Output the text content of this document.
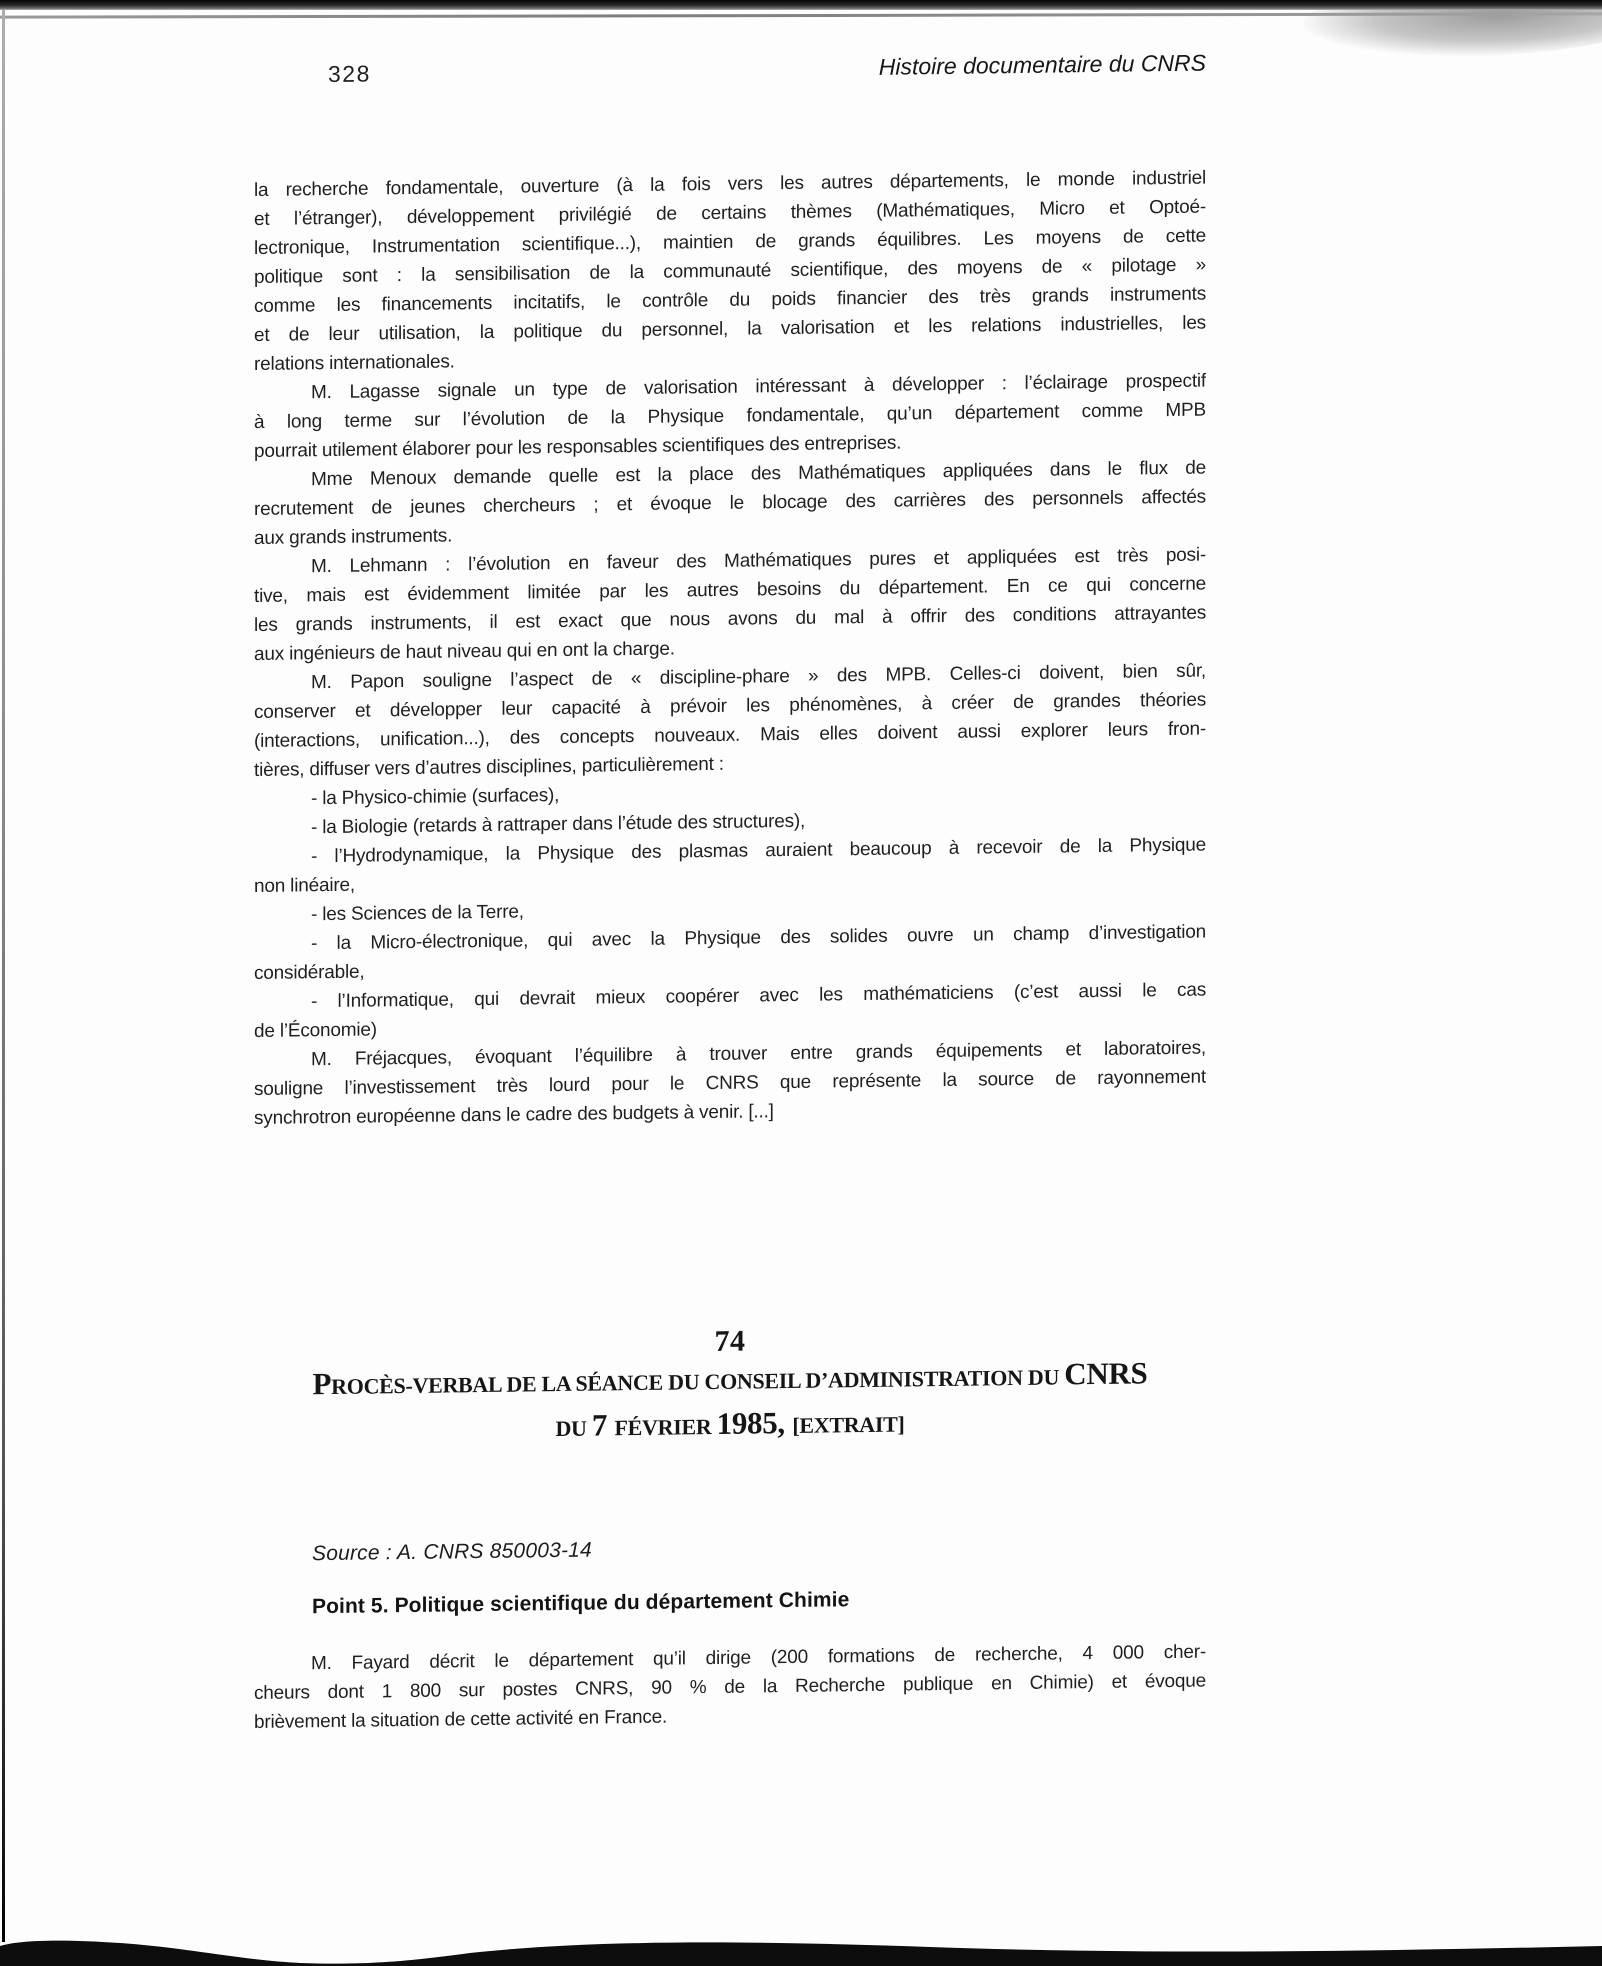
328	Histoire documentaire du CNRS
la recherche fondamentale, ouverture (à la fois vers les autres départements, le monde industriel
et l’étranger), développement privilégié de certains thèmes (Mathématiques, Micro et Optoé-
lectronique, Instrumentation scientifique...), maintien de grands équilibres. Les moyens de cette
politique sont : la sensibilisation de la communauté scientifique, des moyens de « pilotage »
comme les financements incitatifs, le contrôle du poids financier des très grands instruments
et de leur utilisation, la politique du personnel, la valorisation et les relations industrielles, les
relations internationales.
M. Lagasse signale un type de valorisation intéressant à développer : l’éclairage prospectif
à long terme sur l’évolution de la Physique fondamentale, qu’un département comme MPB
pourrait utilement élaborer pour les responsables scientifiques des entreprises.
Mme Menoux demande quelle est la place des Mathématiques appliquées dans le flux de
recrutement de jeunes chercheurs ; et évoque le blocage des carrières des personnels affectés
aux grands instruments.
M. Lehmann : l’évolution en faveur des Mathématiques pures et appliquées est très posi-
tive, mais est évidemment limitée par les autres besoins du département. En ce qui concerne
les grands instruments, il est exact que nous avons du mal à offrir des conditions attrayantes
aux ingénieurs de haut niveau qui en ont la charge.
M. Papon souligne l’aspect de « discipline-phare » des MPB. Celles-ci doivent, bien sûr,
conserver et développer leur capacité à prévoir les phénomènes, à créer de grandes théories
(interactions, unification...), des concepts nouveaux. Mais elles doivent aussi explorer leurs fron-
tières, diffuser vers d’autres disciplines, particulièrement :
- la Physico-chimie (surfaces),
- la Biologie (retards à rattraper dans l’étude des structures),
- l’Hydrodynamique, la Physique des plasmas auraient beaucoup à recevoir de la Physique
non linéaire,
- les Sciences de la Terre,
- la Micro-électronique, qui avec la Physique des solides ouvre un champ d’investigation
considérable,
- l’Informatique, qui devrait mieux coopérer avec les mathématiciens (c’est aussi le cas
de l’Économie)
M. Fréjacques, évoquant l’équilibre à trouver entre grands équipements et laboratoires,
souligne l’investissement très lourd pour le CNRS que représente la source de rayonnement
synchrotron européenne dans le cadre des budgets à venir. [...]
74
PROCÈS-VERBAL DE LA SÉANCE DU CONSEIL D’ADMINISTRATION DU CNRS
DU 7 FÉVRIER 1985, [EXTRAIT]
Source : A. CNRS 850003-14
Point 5. Politique scientifique du département Chimie
M. Fayard décrit le département qu’il dirige (200 formations de recherche, 4 000 cher-
cheurs dont 1 800 sur postes CNRS, 90 % de la Recherche publique en Chimie) et évoque
brièvement la situation de cette activité en France.
